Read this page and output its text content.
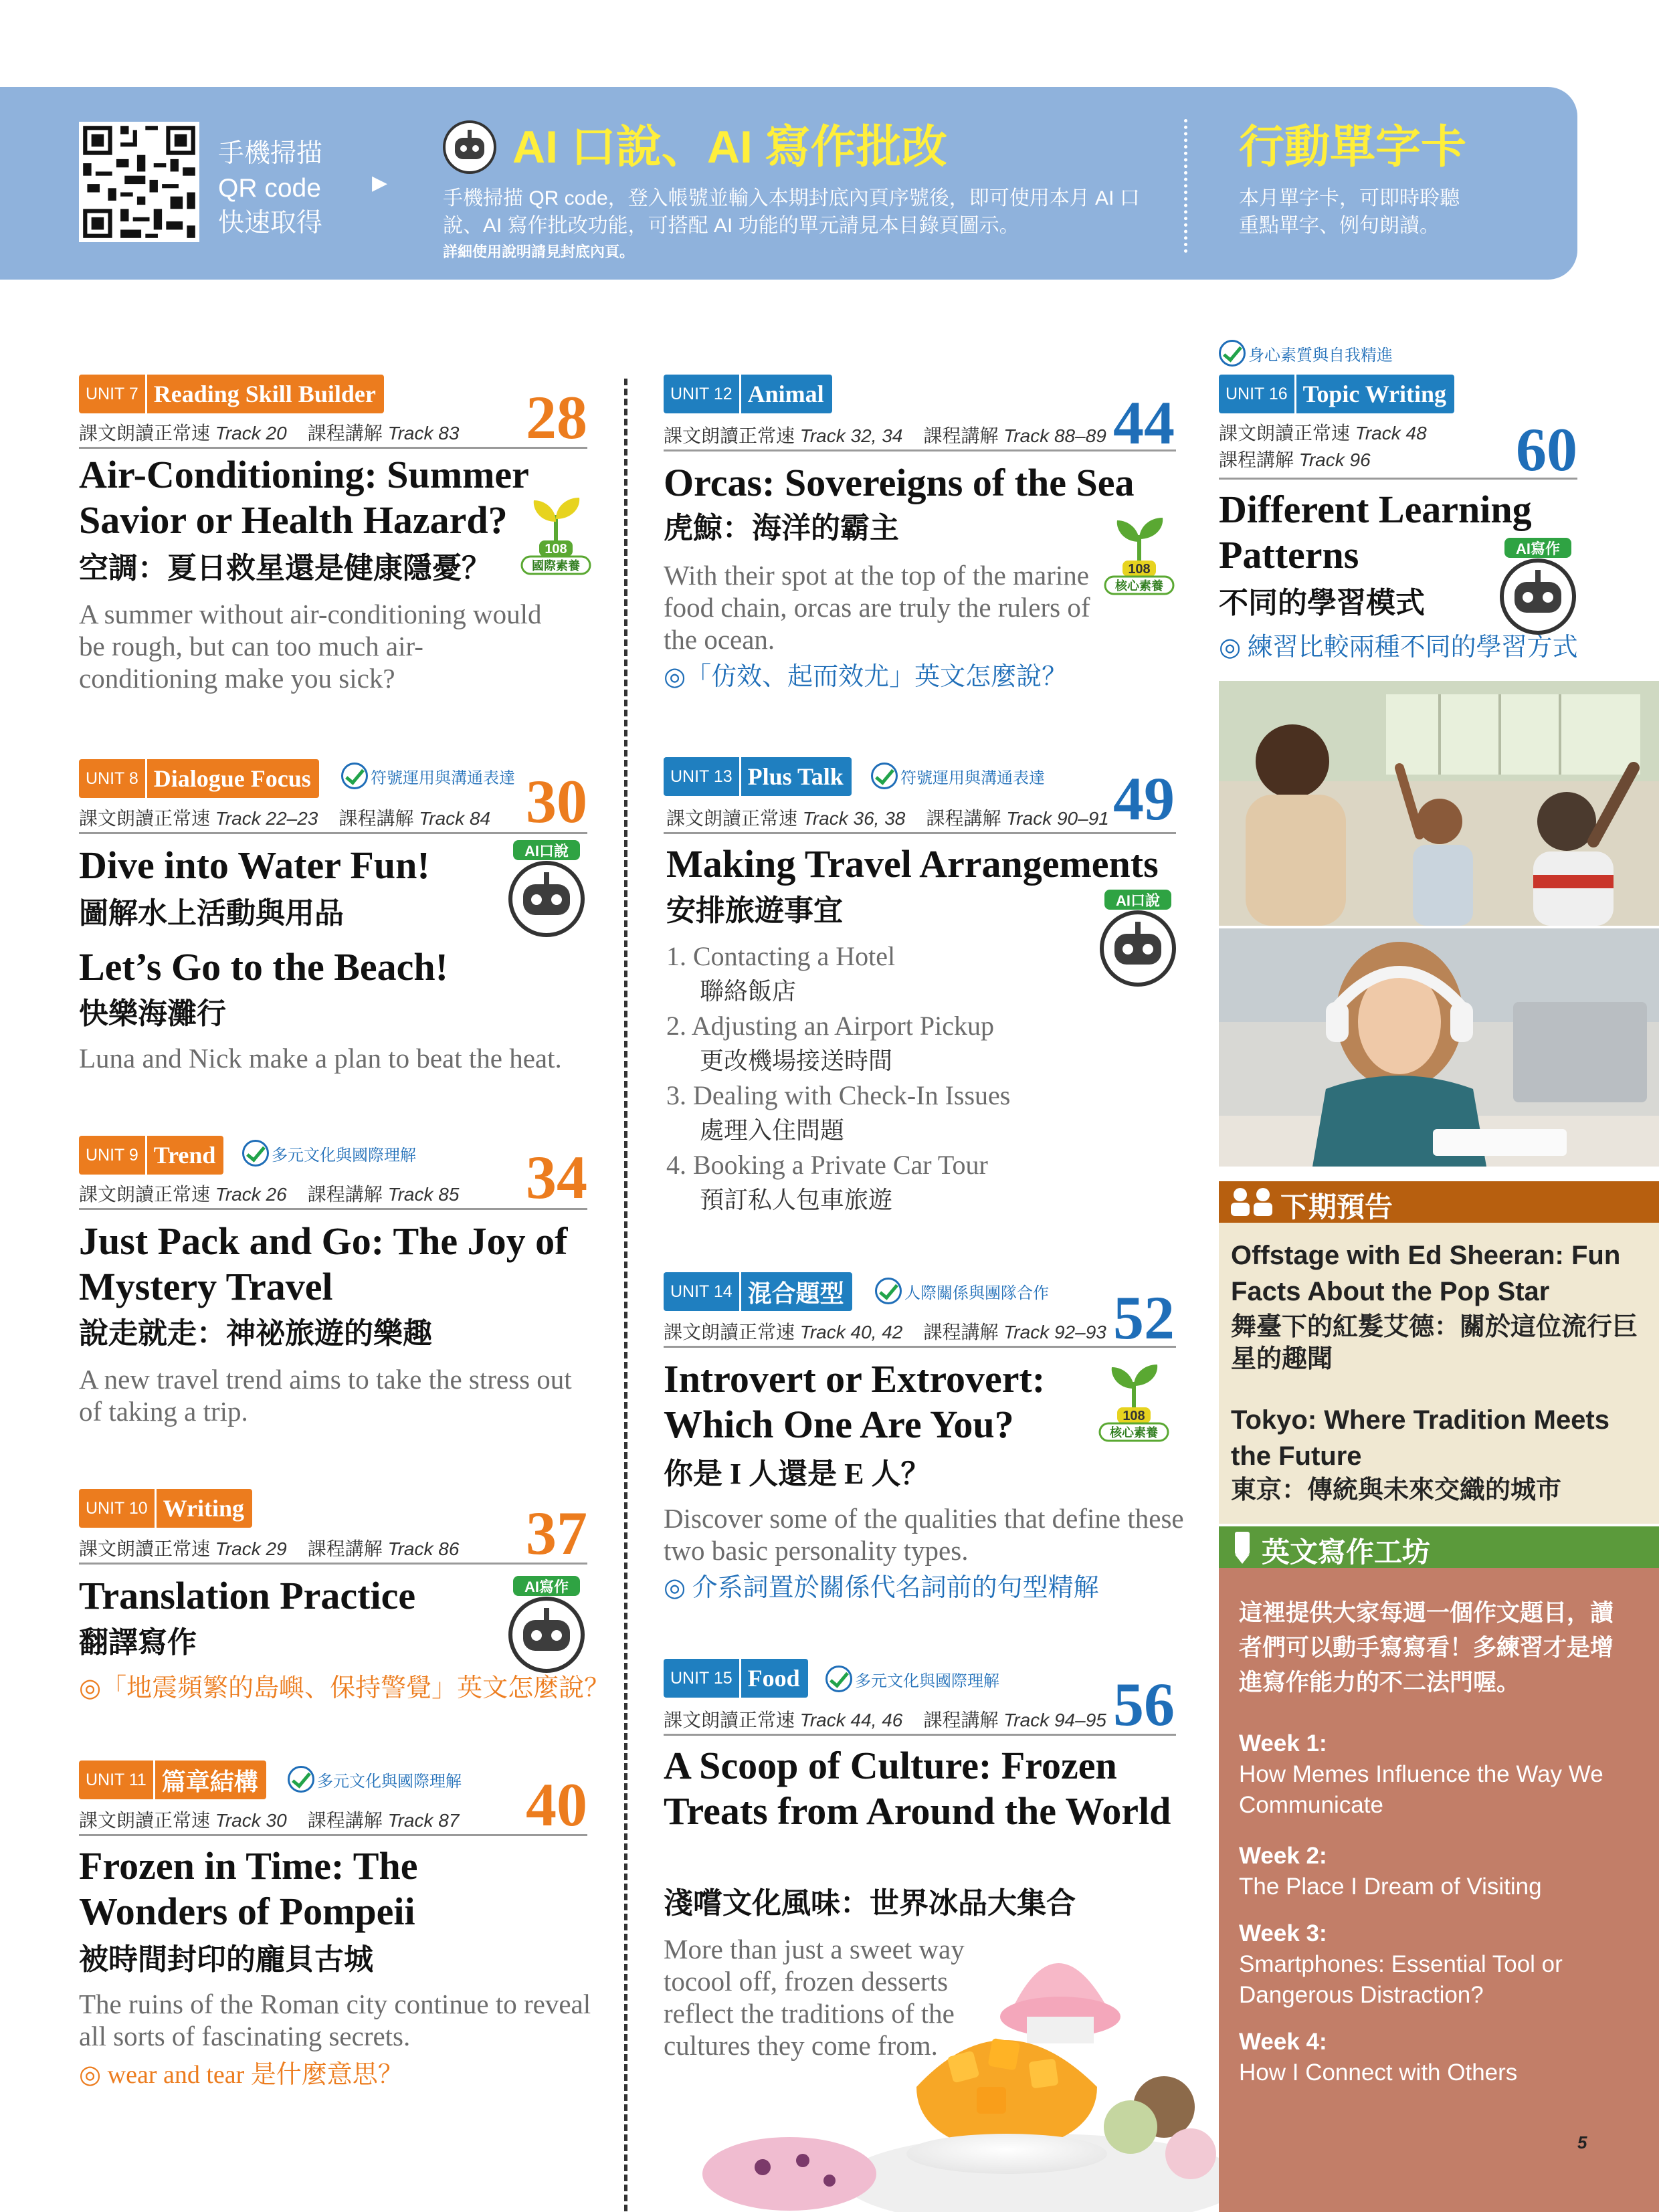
手機掃描
QR code
快速取得
▶
AI 口說、AI 寫作批改
手機掃描 QR code，登入帳號並輸入本期封底內頁序號後，即可使用本月 AI 口說、AI 寫作批改功能，可搭配 AI 功能的單元請見本目錄頁圖示。
詳細使用說明請見封底內頁。
行動單字卡
本月單字卡，可即時聆聽
重點單字、例句朗讀。
UNIT 7 Reading Skill Builder
課文朗讀正常速 Track 20 課程講解 Track 83 28
Air-Conditioning: Summer Savior or Health Hazard?
空調：夏日救星還是健康隱憂？
A summer without air-conditioning would be rough, but can too much air-conditioning make you sick?
108
國際素養
UNIT 8 Dialogue Focus	符號運用與溝通表達
課文朗讀正常速 Track 22–23 課程講解 Track 84 30
Dive into Water Fun!
圖解水上活動與用品
Let’s Go to the Beach!
快樂海灘行
Luna and Nick make a plan to beat the heat.
AI口說
UNIT 9 Trend	多元文化與國際理解
課文朗讀正常速 Track 26 課程講解 Track 85 34
Just Pack and Go: The Joy of Mystery Travel
說走就走：神祕旅遊的樂趣
A new travel trend aims to take the stress out of taking a trip.
UNIT 10 Writing
課文朗讀正常速 Track 29 課程講解 Track 86 37
Translation Practice
翻譯寫作
◎「地震頻繁的島嶼、保持警覺」英文怎麼說？
AI寫作
UNIT 11 篇章結構	多元文化與國際理解
課文朗讀正常速 Track 30 課程講解 Track 87 40
Frozen in Time: The Wonders of Pompeii
被時間封印的龐貝古城
The ruins of the Roman city continue to reveal all sorts of fascinating secrets.
◎ wear and tear 是什麼意思？
UNIT 12 Animal
課文朗讀正常速 Track 32, 34 課程講解 Track 88–89 44
Orcas: Sovereigns of the Sea
虎鯨：海洋的霸主
With their spot at the top of the marine food chain, orcas are truly the rulers of the ocean.
◎「仿效、起而效尤」英文怎麼說？
108
核心素養
UNIT 13 Plus Talk	符號運用與溝通表達
課文朗讀正常速 Track 36, 38 課程講解 Track 90–91 49
Making Travel Arrangements
安排旅遊事宜
1. Contacting a Hotel
聯絡飯店
2. Adjusting an Airport Pickup
更改機場接送時間
3. Dealing with Check-In Issues
處理入住問題
4. Booking a Private Car Tour
預訂私人包車旅遊
AI口說
UNIT 14 混合題型	人際關係與團隊合作
課文朗讀正常速 Track 40, 42 課程講解 Track 92–93 52
Introvert or Extrovert: Which One Are You?
你是 I 人還是 E 人？
Discover some of the qualities that define these two basic personality types.
◎ 介系詞置於關係代名詞前的句型精解
108
核心素養
UNIT 15 Food	多元文化與國際理解
課文朗讀正常速 Track 44, 46 課程講解 Track 94–95 56
A Scoop of Culture: Frozen Treats from Around the World
淺嚐文化風味：世界冰品大集合
More than just a sweet way tocool off, frozen desserts reflect the traditions of the cultures they come from.
身心素質與自我精進
UNIT 16 Topic Writing
課文朗讀正常速 Track 48
課程講解 Track 96	60
Different Learning Patterns
不同的學習模式
◎ 練習比較兩種不同的學習方式
AI寫作
下期預告
Offstage with Ed Sheeran: Fun Facts About the Pop Star
舞臺下的紅髮艾德：關於這位流行巨星的趣聞
Tokyo: Where Tradition Meets the Future
東京：傳統與未來交織的城市
英文寫作工坊
這裡提供大家每週一個作文題目，讀者們可以動手寫寫看！多練習才是增進寫作能力的不二法門喔。
Week 1:
How Memes Influence the Way We Communicate
Week 2:
The Place I Dream of Visiting
Week 3:
Smartphones: Essential Tool or Dangerous Distraction?
Week 4:
How I Connect with Others
5
